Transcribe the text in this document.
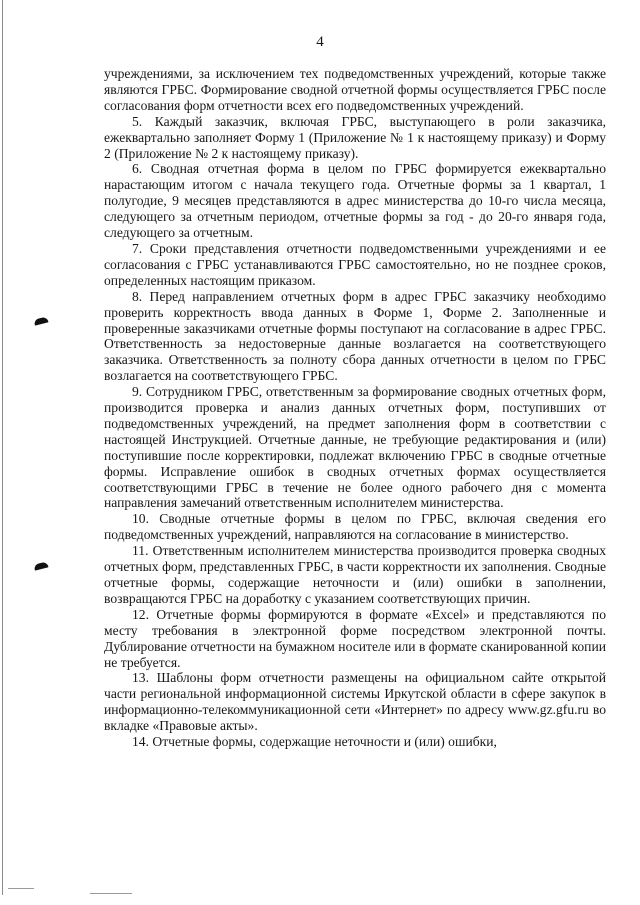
4

учреждениями, за исключением тех подведомственных учреждений, которые также являются ГРБС. Формирование сводной отчетной формы осуществляется ГРБС после согласования форм отчетности всех его подведомственных учреждений.

5. Каждый заказчик, включая ГРБС, выступающего в роли заказчика, ежеквартально заполняет Форму 1 (Приложение № 1 к настоящему приказу) и Форму 2 (Приложение № 2 к настоящему приказу).

6. Сводная отчетная форма в целом по ГРБС формируется ежеквартально нарастающим итогом с начала текущего года. Отчетные формы за 1 квартал, 1 полугодие, 9 месяцев представляются в адрес министерства до 10-го числа месяца, следующего за отчетным периодом, отчетные формы за год - до 20-го января года, следующего за отчетным.

7. Сроки представления отчетности подведомственными учреждениями и ее согласования с ГРБС устанавливаются ГРБС самостоятельно, но не позднее сроков, определенных настоящим приказом.

8. Перед направлением отчетных форм в адрес ГРБС заказчику необходимо проверить корректность ввода данных в Форме 1, Форме 2. Заполненные и проверенные заказчиками отчетные формы поступают на согласование в адрес ГРБС. Ответственность за недостоверные данные возлагается на соответствующего заказчика. Ответственность за полноту сбора данных отчетности в целом по ГРБС возлагается на соответствующего ГРБС.

9. Сотрудником ГРБС, ответственным за формирование сводных отчетных форм, производится проверка и анализ данных отчетных форм, поступивших от подведомственных учреждений, на предмет заполнения форм в соответствии с настоящей Инструкцией. Отчетные данные, не требующие редактирования и (или) поступившие после корректировки, подлежат включению ГРБС в сводные отчетные формы. Исправление ошибок в сводных отчетных формах осуществляется соответствующими ГРБС в течение не более одного рабочего дня с момента направления замечаний ответственным исполнителем министерства.

10. Сводные отчетные формы в целом по ГРБС, включая сведения его подведомственных учреждений, направляются на согласование в министерство.

11. Ответственным исполнителем министерства производится проверка сводных отчетных форм, представленных ГРБС, в части корректности их заполнения. Сводные отчетные формы, содержащие неточности и (или) ошибки в заполнении, возвращаются ГРБС на доработку с указанием соответствующих причин.

12. Отчетные формы формируются в формате «Excel» и представляются по месту требования в электронной форме посредством электронной почты. Дублирование отчетности на бумажном носителе или в формате сканированной копии не требуется.

13. Шаблоны форм отчетности размещены на официальном сайте открытой части региональной информационной системы Иркутской области в сфере закупок в информационно-телекоммуникационной сети «Интернет» по адресу www.gz.gfu.ru во вкладке «Правовые акты».

14. Отчетные формы, содержащие неточности и (или) ошибки,
